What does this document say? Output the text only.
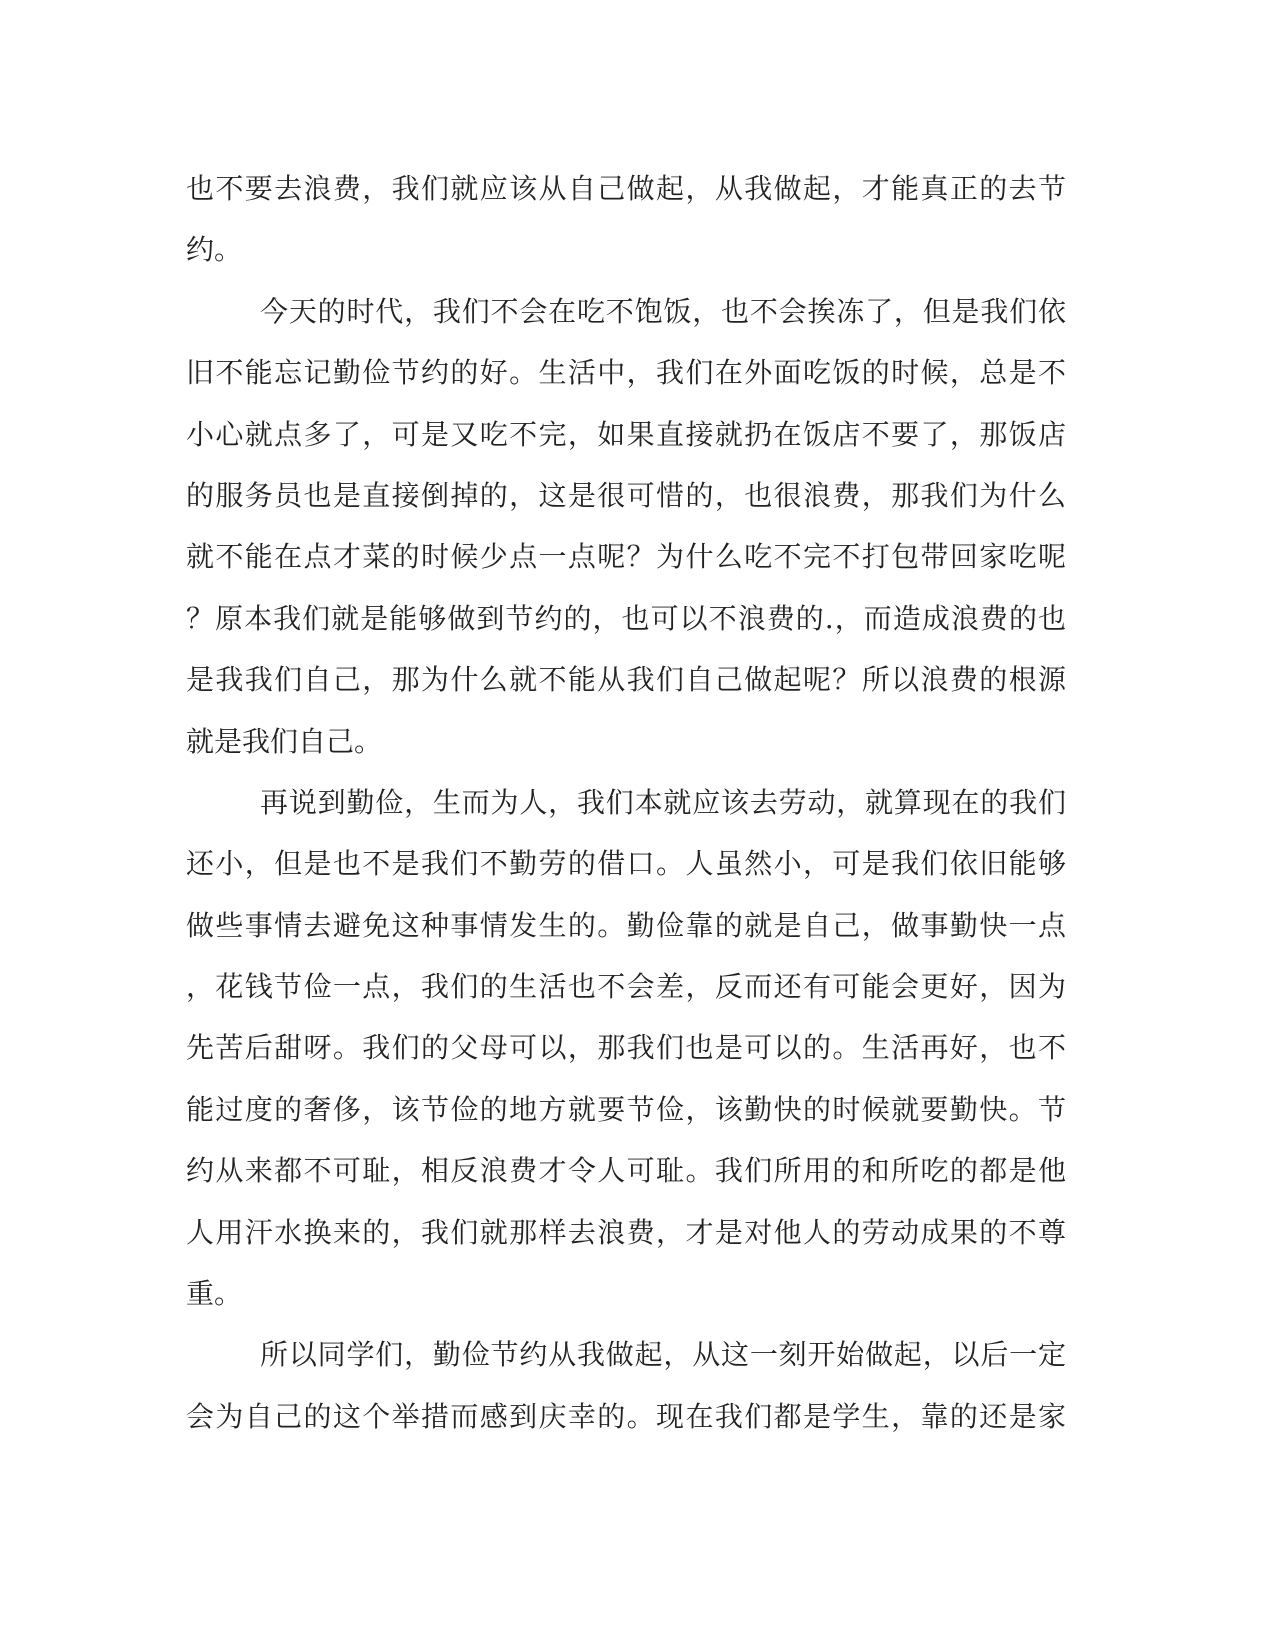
也不要去浪费，我们就应该从自己做起，从我做起，才能真正的去节
约。
今天的时代，我们不会在吃不饱饭，也不会挨冻了，但是我们依
旧不能忘记勤俭节约的好。生活中，我们在外面吃饭的时候，总是不
小心就点多了，可是又吃不完，如果直接就扔在饭店不要了，那饭店
的服务员也是直接倒掉的，这是很可惜的，也很浪费，那我们为什么
就不能在点才菜的时候少点一点呢？为什么吃不完不打包带回家吃呢
？原本我们就是能够做到节约的，也可以不浪费的.，而造成浪费的也
是我我们自己，那为什么就不能从我们自己做起呢？所以浪费的根源
就是我们自己。
再说到勤俭，生而为人，我们本就应该去劳动，就算现在的我们
还小，但是也不是我们不勤劳的借口。人虽然小，可是我们依旧能够
做些事情去避免这种事情发生的。勤俭靠的就是自己，做事勤快一点
，花钱节俭一点，我们的生活也不会差，反而还有可能会更好，因为
先苦后甜呀。我们的父母可以，那我们也是可以的。生活再好，也不
能过度的奢侈，该节俭的地方就要节俭，该勤快的时候就要勤快。节
约从来都不可耻，相反浪费才令人可耻。我们所用的和所吃的都是他
人用汗水换来的，我们就那样去浪费，才是对他人的劳动成果的不尊
重。
所以同学们，勤俭节约从我做起，从这一刻开始做起，以后一定
会为自己的这个举措而感到庆幸的。现在我们都是学生，靠的还是家
